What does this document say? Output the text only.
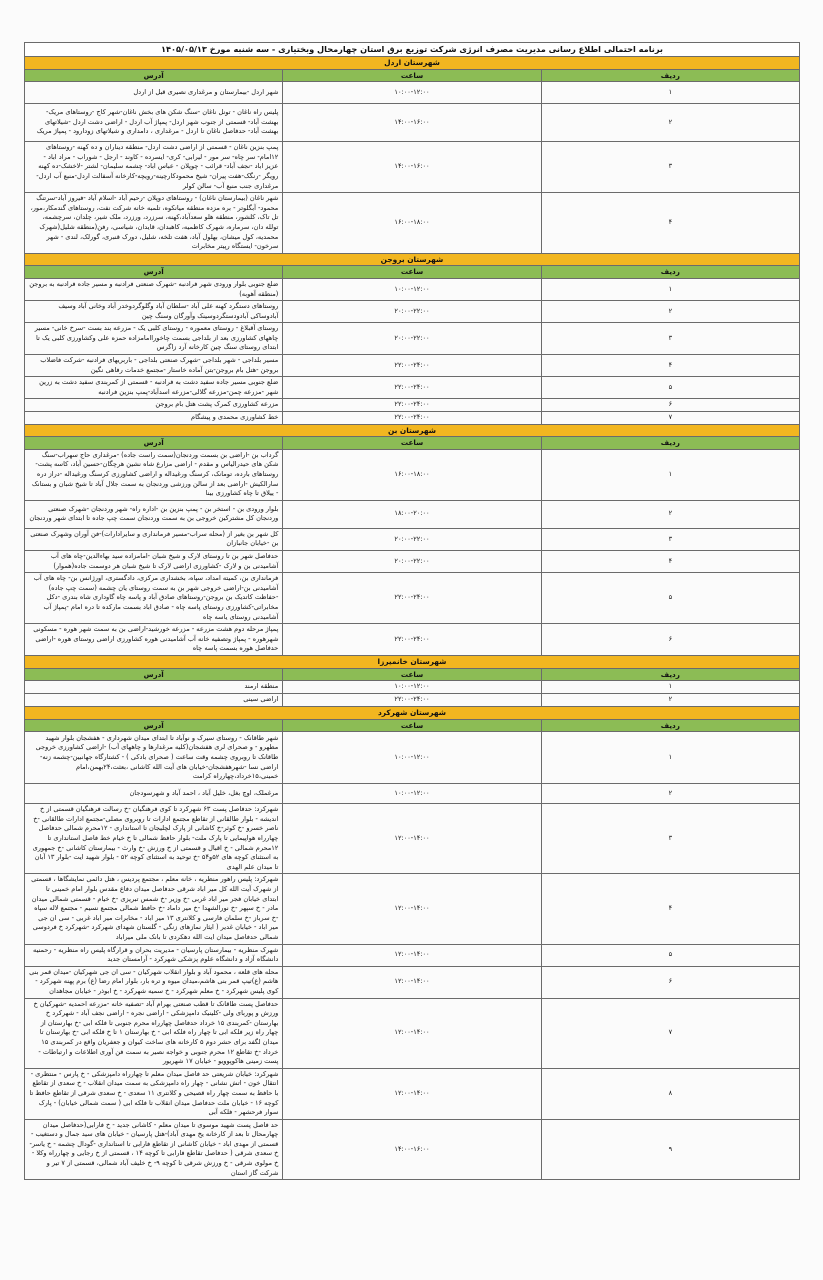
برنامه احتمالی اطلاع رسانی مدیریت مصرف انرژی شرکت توزیع برق استان چهارمحال وبختیاری - سه شنبه مورخ ۱۴۰۵/۰۵/۱۳		
شهرستان اردل		
ردیف	ساعت	آدرس
۱	۱۰:۰۰-۱۲:۰۰	شهر اردل -بیمارستان و مرغداری نصیری قبل از اردل
۲	۱۴:۰۰-۱۶:۰۰	پلیس راه ناغان - تونل ناغان -سنگ شکن های بخش ناغان-شهر کاج -روستاهای مریک-بهشت آباد- قسمتی از جنوب شهر اردل- پمپاژ آب اردل - اراضی دشت اردل -شیلاتهای بهشت آباد- حدفاصل ناغان تا اردل - مرغداری ، دامداری و شیلاتهای زودارود - پمپاژ مریک
۳	۱۴:۰۰-۱۶:۰۰	پمپ بنزین ناغان - قسمتی از اراضی دشت اردل- منطقه دیناران و ده کهنه -روستاهای ۱۲امام- سر چاه- سر مور - لیرابی- کری- ایسرده - کاوند - ارجل - شوراب - مراد اباد - عزیز اباد -نجف آباد- قرائب - چوپلان - عباس اباد- چشمه سلیمان- لشتر -لاخشک-ده کهنه رویگر -رنگک-هفت پیران- شیخ محمودکارچینه-رویچه-کارخانه آسفالت اردل-منبع آب اردل-مرغداری جنب منبع آب- سالن کولر
۴	۱۶:۰۰-۱۸:۰۰	شهر ناغان (بیمارستان ناغان) - روستاهای دوپلان -رحیم آباد -اسلام آباد -فیروز آباد-سرتنگ محمود- آبگلوتر - بره مزده منطقه میانکوه، تلمبه خانه شرکت نفت، روستاهای گندمکار،مور، تل تاک، کلشور، منطقه هلو سعدآباد،کهنه، سرزرد، ورزرد، ملک شیر، چلدان، سرچشمه، تولله دان، سرماره، شهرک کاظمیه، کاهبدان، قایدان، شیاسی، رفن(منطقه شلیل(شهرک محمدیه، کول میشان، بهلول آباد، هفت تلخه، شلیل، دورک قنبری، گورلک، لندی - شهر سرخون- ایستگاه رپیتر مخابرات
شهرستان بروجن		
ردیف	ساعت	آدرس
۱	۱۰:۰۰-۱۲:۰۰	ضلع جنوبی بلوار ورودی شهر فرادنبه -شهرک صنعتی فرادنبه و مسیر جاده فرادنبه به بروجن (منطقه آهوبه)
۲	۲۰:۰۰-۲۲:۰۰	روستاهای دستگرد کهنه علی آباد -سلطان آباد وگلوگردوخدر آباد وخانی آباد وسیف آبادوساکی آبادودستگردوسینک وآورگان وسنگ چین
۳	۲۰:۰۰-۲۲:۰۰	روستای آقبلاغ - روستای معموره - روستای کلبی یک - مزرعه بند بست -سرخ خانی- مسیر چاههای کشاورزی بعد از بلداجی بسمت چاخوراامامزاده حمزه علی وکشاورزی کلبی یک تا ابتدای روستای سنگ چین کارخانه آرد زاگرس
۴	۲۲:۰۰-۲۴:۰۰	مسیر بلداجی - شهر بلداجی -شهرک صنعتی بلداجی - باربریهای فرادنبه -شرکت فاضلاب بروجن -هتل بام بروجن-بتن آماده خاستار -مجتمع خدمات رفاهی نگین
۵	۲۲:۰۰-۲۴:۰۰	ضلع جنوبی مسیر جاده سفید دشت به فرادنبه - قسمتی از کمربندی سفید دشت به زرین شهر -مزرعه چمن-مزرعه گلالی-مزرعه اسدآباد-پمپ بنزین فرادنبه
۶	۲۲:۰۰-۲۴:۰۰	مزرعه کشاورزی کمرک پشت هتل بام بروجن
۷	۲۲:۰۰-۲۴:۰۰	خط کشاورزی محمدی و پیشگام
شهرستان بن		
ردیف	ساعت	آدرس
۱	۱۶:۰۰-۱۸:۰۰	گرداب بن -اراضی بن بسمت وردنجان(سمت راست جاده) -مرغداری حاج سهراب-سنگ شکن های حیدرالیاس و مقدم - اراضی مزارع شاه نشین هرچگان-حسین آباد، کاسه پشت-روستاهای بارده، تومانک، کرسنگ ورغیداله و اراضی کشاورزی کرسنگ ورغیداله -دراز دره سارالکیش -اراضی بعد از سالن ورزشی وردنجان به سمت جلال آباد تا شیخ شبان و بستانک - ییلاق تا چاه کشاورزی بینا
۲	۱۸:۰۰-۲۰:۰۰	بلوار ورودی بن - استخر بن - پمپ بنزین بن -اداره راه- شهر وردنجان -شهرک صنعتی وردنجان کل مشترکین خروجی بن به سمت وردنجان سمت چپ جاده تا ابتدای شهر وردنجان
۳	۲۰:۰۰-۲۲:۰۰	کل شهر بن بغیر از (محله سراب-مسیر فرمانداری و سایرادارات)-فن آوران وشهرک صنعتی بن -خیابان جانبازان
۴	۲۰:۰۰-۲۲:۰۰	حدفاصل شهر بن تا روستای لارک و شیخ شبان -امامزاده سید بهاءالدین-چاه های آب آشامیدنی بن و لارک -کشاورزی اراضی لارک تا شیخ شبان هر دوسمت جاده(هموار)
۵	۲۲:۰۰-۲۴:۰۰	فرمانداری بن، کمیته امداد، سپاه، بخشداری مرکزی، دادگستری، اورژانس بن- چاه های آب آشامیدنی بن-اراضی خروجی شهر بن به سمت روستای یان چشمه (سمت چپ جاده) -حفاظت کاتدیک بن بروجن-روستاهای صادق آباد و پاسه چاه گاوداری شاه بندری -دکل مخابراتی-کشاورزی روستای پاسه چاه - صادق اباد بسمت مارکده تا دره امام -پمپاژ آب آشامیدنی روستای یاسه چاه
۶	۲۲:۰۰-۲۴:۰۰	پمپاژ مرحله دوم هشت مزرعه - مزرعه خورشید-اراضی بن به سمت شهر هوره - مسکونی شهرهوره - پمپاژ وتصفیه خانه آب آشامیدنی هوره کشاورزی اراضی روستای هوره -اراضی حدفاصل هوره بسمت پاسه چاه
شهرستان خانمیرزا		
ردیف	ساعت	آدرس
۱	۱۰:۰۰-۱۲:۰۰	منطقه ارمند
۲	۲۲:۰۰-۲۴:۰۰	اراضی سینی
شهرستان شهرکرد		
ردیف	ساعت	آدرس
۱	۱۰:۰۰-۱۲:۰۰	شهر طاقانک - روستای سیرک و نوآباد تا ابتدای میدان شهرداری - هفشجان بلوار شهید مطهرو - و صحرای لری هفشجان(کلیه مرغدارها و چاههای آب) -اراضی کشاورزی خروجی طاقانک تا روبروی چشمه وقت ساعت ( صحرای بادکی ) - کشتارگاه جهانبین-چشمه زنه-اراضی نسا -شهرهفشجان-خیابان های آیت الله کاشانی ،بعثت،۲۴بهمن،امام خمینی،۱۵خرداد،چهارراه کرامت
۲	۱۰:۰۰-۱۲:۰۰	مرغملک، اوچ بغل، خلیل آباد ، احمد آباد و شهرسودجان
۳	۱۲:۰۰-۱۴:۰۰	شهرکرد: حدفاصل پست ۶۳ شهرکرد تا کوی فرهنگیان -خ رسالت فرهنگیان قسمتی از خ اندیشه - بلوار طالقانی از تقاطع مجتمع ادارات تا روبروی مصلی-مجتمع ادارات طالقانی -خ ناصر خسرو -خ کوثر-خ کاشانی از پارک لچلیجان تا استانداری - ۱۲محرم شمالی حدفاصل چهارراه هواپیمایی تا پارک ملت- بلوار حافظ شمالی تا خ خیام خط فاصل استانداری تا ۱۲محرم شمالی - خ اقبال و قسمتی از خ ورزش -خ وارث - بیمارستان کاشانی -خ جمهوری به استثنای کوچه های ۵۲و۵۴ -خ توحید به استثنای کوچه ۵۲ - بلوار شهید ایت -بلوار ۱۳ آبان تا میدان علم الهدی
۴	۱۲:۰۰-۱۴:۰۰	شهرکرد: پلیس راهور منظریه ، خانه معلم ، مجتمع پردیس ، هتل دائمی نمایشگاها ، قسمتی از شهرک آیت الله کل میر اباد شرقی حدفاصل میدان دفاع مقدس بلوار امام خمینی تا ابتدای خیابان فجر میر اباد غربی -خ وزیر -خ شمس تبریزی -خ خیام - قسمتی شمالی میدان مادر - خ سپهر -خ نورالشهدا -خ میر داماد -خ حافظ شمالی مجتمع نسیم - مجتمع لاله سپاه -خ سرباز -خ سلمان فارسی و کلانتری ۱۳ میر اباد - مخابرات میر اباد غربی - سی ان جی میر اباد - خیابان غدیر ( ایثار نمازهای زنگی - گلستان شهدای شهرکرد -شهرکرد خ فردوسی شمالی حدفاصل میدان ایت الله دهکردی تا بانک ملی میراباد
۵	۱۲:۰۰-۱۴:۰۰	شهرک منظریه - بیمارستان پارسیان - مدیریت بحران و قرارگاه پلیس راه منظریه - رحمنیه دانشگاه آزاد و دانشگاه علوم پزشکی شهرکرد - آرامستان جدید
۶	۱۲:۰۰-۱۴:۰۰	محله های قلعه ، محمود آباد و بلوار انقلاب شهرکیان - سی ان جی شهرکیان -میدان قمر بنی هاشم (ع)تیپ قمر بنی هاشم،میدان میوه و تره بار، بلوار امام رضا (ع) برم پهنه شهرکرد - کوی پلیس شهرکرد - خ معلم شهرکرد - خ سمیه شهرکرد - خ ابوذر - خیابان مجاهدان
۷	۱۲:۰۰-۱۴:۰۰	حدفاصل پست طاقانک تا قطب صنعتی بهرام آباد -تصفیه خانه -مزرعه احمدیه -شهرکیان خ ورزش و پوربای ولی -کلینیک دامپزشکی - اراضی نجره - اراضی نجف آباد - شهرکرد خ بهارستان -کمربندی ۱۵ خرداد حدفاصل چهارراه محرم جنوبی تا فلکه ابی -خ بهارستان از چهار راه زیر فلکه ابی تا چهار راه فلکه ابی - خ بهارستان ۱ تا خ فلکه ابی -خ بهارستان تا میدان لگفد برای حشر دوم ۵ کارخانه های ساخت کیوان و جعفریان واقع در کمربندی ۱۵ خرداد -خ تقاطع ۱۲ محرم جنوبی و خواجه نصیر به سمت فن آوری اطلاعات و ارتباطات - پست زمینی هاکوپوویو - خیابان ۱۷ شهریور
۸	۱۲:۰۰-۱۴:۰۰	شهرکرد: خیابان شریعتی حد فاصل میدان معلم تا چهارراه دامپزشکی - خ پارس - منتظری - انتقال خون - اتش نشانی - چهار راه دامپزشکی به سمت میدان انقلاب - خ سعدی از تقاطع با حافظ به سمت چهار راه قصیحی و کلانتری ۱۱ سعدی - خ سعدی شرقی از تقاطع حافظ تا کوچه ۱۶ - خیابان ملت حدفاصل میدان انقلاب تا فلکه ابی ( سمت شمالی خیابان) - پارک سوار فرحشهر - فلکه آبی
۹	۱۴:۰۰-۱۶:۰۰	حد فاصل پست شهید موسوی تا میدان معلم - کاشانی جدید - خ فارابی(حدفاصل میدان چهارمحال تا بعد از کارخانه یخ مهدی آباد)-هتل پارسیان - خیابان های سید جمال و دستغیب - قسمتی از مهدی اباد - خیابان کاشانی از تقاطع فارابی تا استانداری -گودال چشمه - خ یاسر-خ سعدی شرقی ( حدفاصل تقاطع فارابی تا کوچه ۱۴ ، قسمتی از خ رجایی و چهارراه وکلا - خ مولوی شرقی - خ ورزش شرقی تا کوچه ۹- خ خلیف آباد شمالی، قسمتی از ۷ تیر و شرکت گاز استان
